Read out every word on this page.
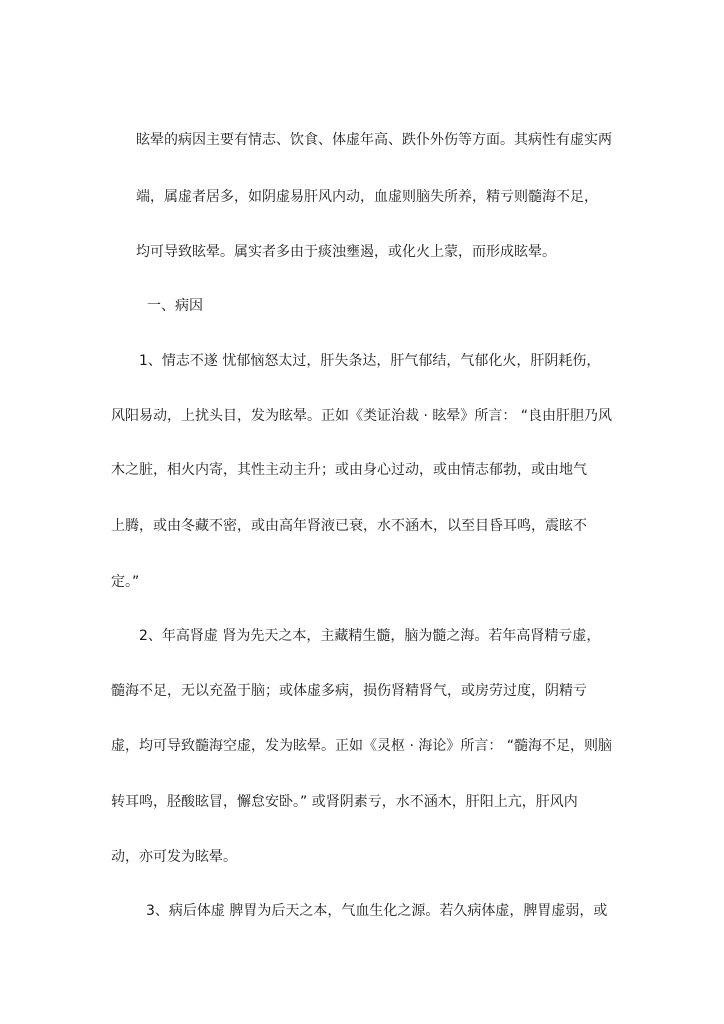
眩晕的病因主要有情志、饮食、体虚年高、跌仆外伤等方面。其病性有虚实两
端，属虚者居多，如阴虚易肝风内动，血虚则脑失所养，精亏则髓海不足，
均可导致眩晕。属实者多由于痰浊壅遏，或化火上蒙，而形成眩晕。
一、病因
1、情志不遂 忧郁恼怒太过，肝失条达，肝气郁结，气郁化火，肝阴耗伤，
风阳易动，上扰头目，发为眩晕。正如《类证治裁 · 眩晕》所言： “良由肝胆乃风
木之脏，相火内寄，其性主动主升；或由身心过动，或由情志郁勃，或由地气
上腾，或由冬藏不密，或由高年肾液已衰，水不涵木，以至目昏耳鸣，震眩不
定。”
2、年高肾虚 肾为先天之本，主藏精生髓，脑为髓之海。若年高肾精亏虚，
髓海不足，无以充盈于脑；或体虚多病，损伤肾精肾气，或房劳过度，阴精亏
虚，均可导致髓海空虚，发为眩晕。正如《灵枢 · 海论》所言： “髓海不足，则脑
转耳鸣，胫酸眩冒，懈怠安卧。” 或肾阴素亏，水不涵木，肝阳上亢，肝风内
动，亦可发为眩晕。
3、病后体虚 脾胃为后天之本，气血生化之源。若久病体虚，脾胃虚弱，或
